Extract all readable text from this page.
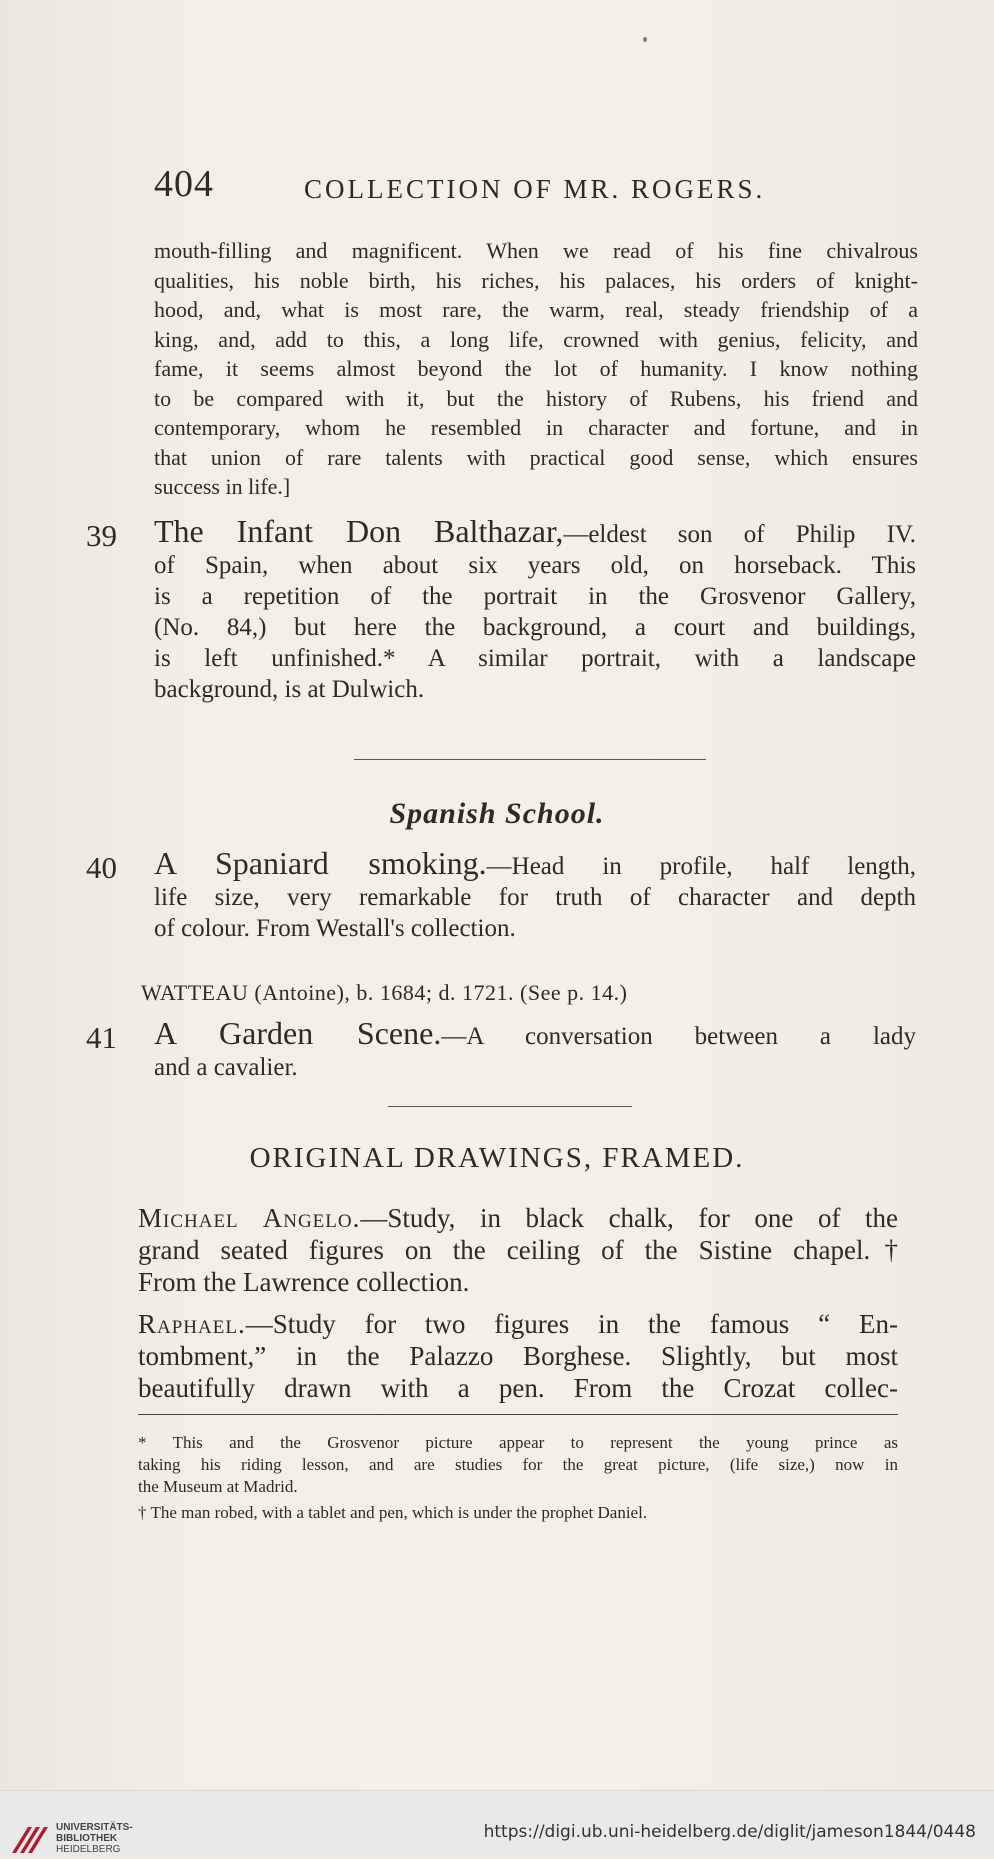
404	COLLECTION OF MR. ROGERS.
mouth-filling and magnificent. When we read of his fine chivalrous
qualities, his noble birth, his riches, his palaces, his orders of knight-
hood, and, what is most rare, the warm, real, steady friendship of a
king, and, add to this, a long life, crowned with genius, felicity, and
fame, it seems almost beyond the lot of humanity. I know nothing
to be compared with it, but the history of Rubens, his friend and
contemporary, whom he resembled in character and fortune, and in
that union of rare talents with practical good sense, which ensures
success in life.]
39 The Infant Don Balthazar,—eldest son of Philip IV.
of Spain, when about six years old, on horseback. This
is a repetition of the portrait in the Grosvenor Gallery,
(No. 84,) but here the background, a court and buildings,
is left unfinished.* A similar portrait, with a landscape
background, is at Dulwich.
Spanish School.
40 A Spaniard smoking.—Head in profile, half length,
life size, very remarkable for truth of character and depth
of colour. From Westall's collection.
WATTEAU (Antoine), b. 1684; d. 1721. (See p. 14.)
41 A Garden Scene.—A conversation between a lady
and a cavalier.
ORIGINAL DRAWINGS, FRAMED.
Michael Angelo.—Study, in black chalk, for one of the
grand seated figures on the ceiling of the Sistine chapel.†
From the Lawrence collection.
Raphael.—Study for two figures in the famous “ En-
tombment,” in the Palazzo Borghese. Slightly, but most
beautifully drawn with a pen. From the Crozat collec-
* This and the Grosvenor picture appear to represent the young prince as
taking his riding lesson, and are studies for the great picture, (life size,) now in
the Museum at Madrid.
† The man robed, with a tablet and pen, which is under the prophet Daniel.
UNIVERSITÄTS-
BIBLIOTHEK
HEIDELBERG
https://digi.ub.uni-heidelberg.de/diglit/jameson1844/0448
